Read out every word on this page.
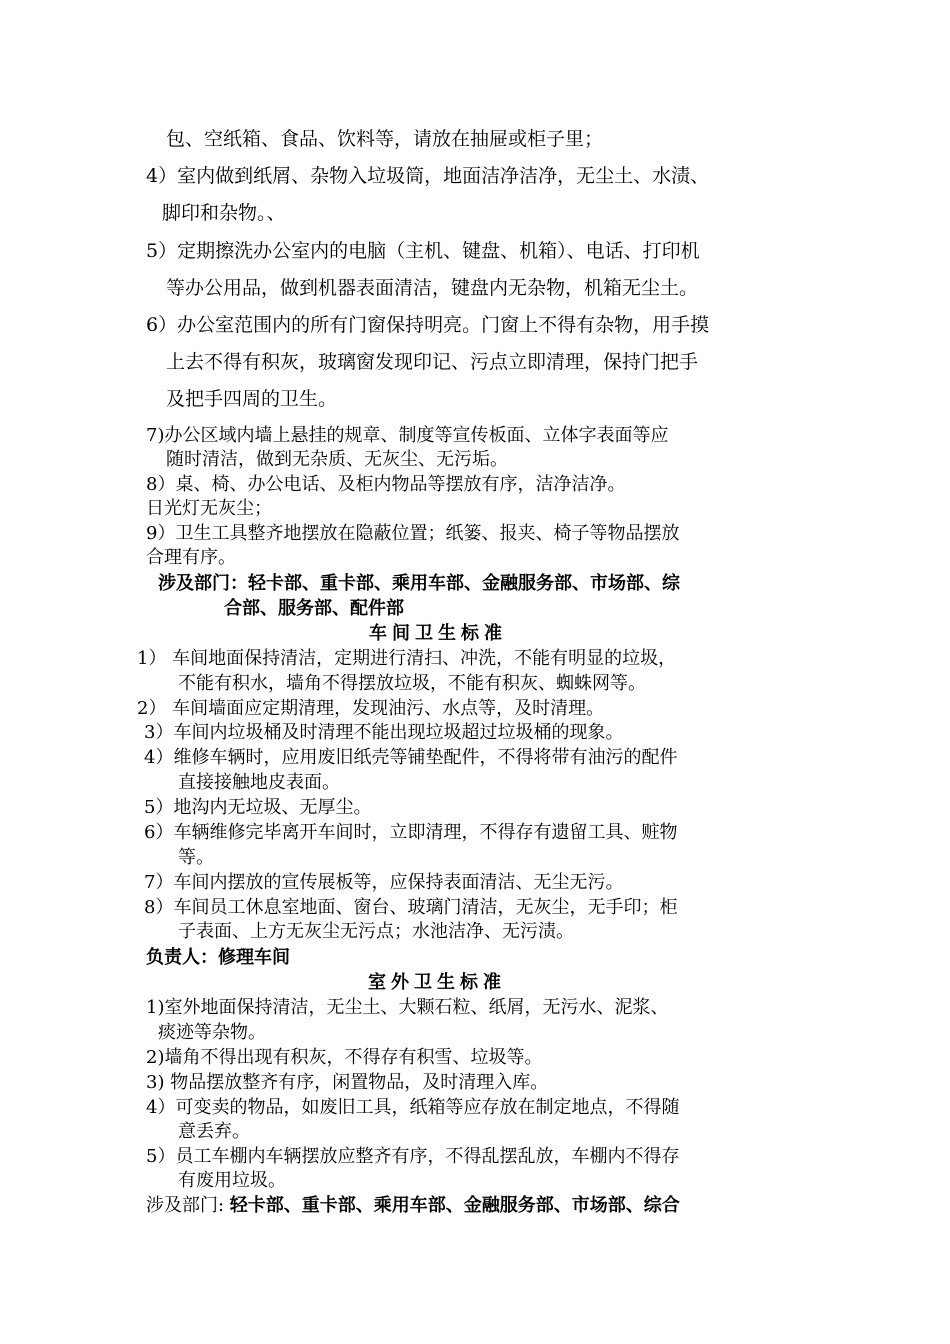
包、空纸箱、食品、饮料等，请放在抽屉或柜子里；
4）室内做到纸屑、杂物入垃圾筒，地面洁净洁净，无尘土、水渍、
脚印和杂物。、
5）定期擦洗办公室内的电脑（主机、键盘、机箱）、电话、打印机
等办公用品，做到机器表面清洁，键盘内无杂物，机箱无尘土。
6）办公室范围内的所有门窗保持明亮。门窗上不得有杂物，用手摸
上去不得有积灰，玻璃窗发现印记、污点立即清理，保持门把手
及把手四周的卫生。
7)办公区域内墙上悬挂的规章、制度等宣传板面、立体字表面等应
随时清洁，做到无杂质、无灰尘、无污垢。
8）桌、椅、办公电话、及柜内物品等摆放有序，洁净洁净。
日光灯无灰尘；
9）卫生工具整齐地摆放在隐蔽位置；纸篓、报夹、椅子等物品摆放
合理有序。
涉及部门：轻卡部、重卡部、乘用车部、金融服务部、市场部、综
合部、服务部、配件部
车间卫生标准
1） 车间地面保持清洁，定期进行清扫、冲洗，不能有明显的垃圾，
不能有积水，墙角不得摆放垃圾，不能有积灰、蜘蛛网等。
2） 车间墙面应定期清理，发现油污、水点等，及时清理。
3）车间内垃圾桶及时清理不能出现垃圾超过垃圾桶的现象。
4）维修车辆时，应用废旧纸壳等铺垫配件，不得将带有油污的配件
直接接触地皮表面。
5）地沟内无垃圾、无厚尘。
6）车辆维修完毕离开车间时，立即清理，不得存有遗留工具、赃物
等。
7）车间内摆放的宣传展板等，应保持表面清洁、无尘无污。
8）车间员工休息室地面、窗台、玻璃门清洁，无灰尘，无手印；柜
子表面、上方无灰尘无污点；水池洁净、无污渍。
负责人：修理车间
室外卫生标准
1)室外地面保持清洁，无尘土、大颗石粒、纸屑，无污水、泥浆、
痰迹等杂物。
2)墙角不得出现有积灰，不得存有积雪、垃圾等。
3) 物品摆放整齐有序，闲置物品，及时清理入库。
4）可变卖的物品，如废旧工具，纸箱等应存放在制定地点，不得随
意丢弃。
5）员工车棚内车辆摆放应整齐有序，不得乱摆乱放，车棚内不得存
有废用垃圾。
涉及部门: 轻卡部、重卡部、乘用车部、金融服务部、市场部、综合
